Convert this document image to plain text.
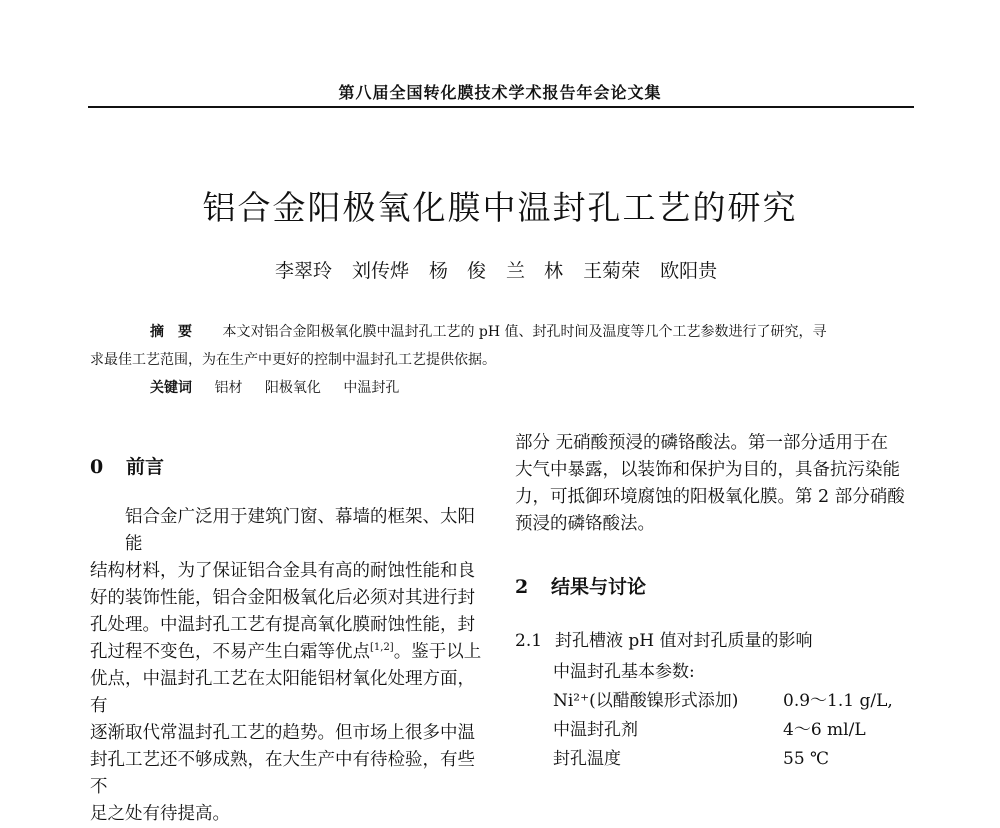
第八届全国转化膜技术学术报告年会论文集
铝合金阳极氧化膜中温封孔工艺的研究
李翠玲 刘传烨 杨　俊 兰　林 王菊荣 欧阳贵
摘要 本文对铝合金阳极氧化膜中温封孔工艺的 pH 值、封孔时间及温度等几个工艺参数进行了研究，寻
求最佳工艺范围，为在生产中更好的控制中温封孔工艺提供依据。
关键词 铝材 阳极氧化 中温封孔
0 前言
铝合金广泛用于建筑门窗、幕墙的框架、太阳能
结构材料，为了保证铝合金具有高的耐蚀性能和良
好的装饰性能，铝合金阳极氧化后必须对其进行封
孔处理。中温封孔工艺有提高氧化膜耐蚀性能，封
孔过程不变色，不易产生白霜等优点[1,2]。鉴于以上
优点，中温封孔工艺在太阳能铝材氧化处理方面，有
逐渐取代常温封孔工艺的趋势。但市场上很多中温
封孔工艺还不够成熟，在大生产中有待检验，有些不
足之处有待提高。
部分 无硝酸预浸的磷铬酸法。第一部分适用于在
大气中暴露，以装饰和保护为目的，具备抗污染能
力，可抵御环境腐蚀的阳极氧化膜。第 2 部分硝酸
预浸的磷铬酸法。
2 结果与讨论
2.1 封孔槽液 pH 值对封孔质量的影响
中温封孔基本参数:
Ni²⁺(以醋酸镍形式添加)	0.9～1.1 g/L,
中温封孔剂	4～6 ml/L
封孔温度	55 ℃
